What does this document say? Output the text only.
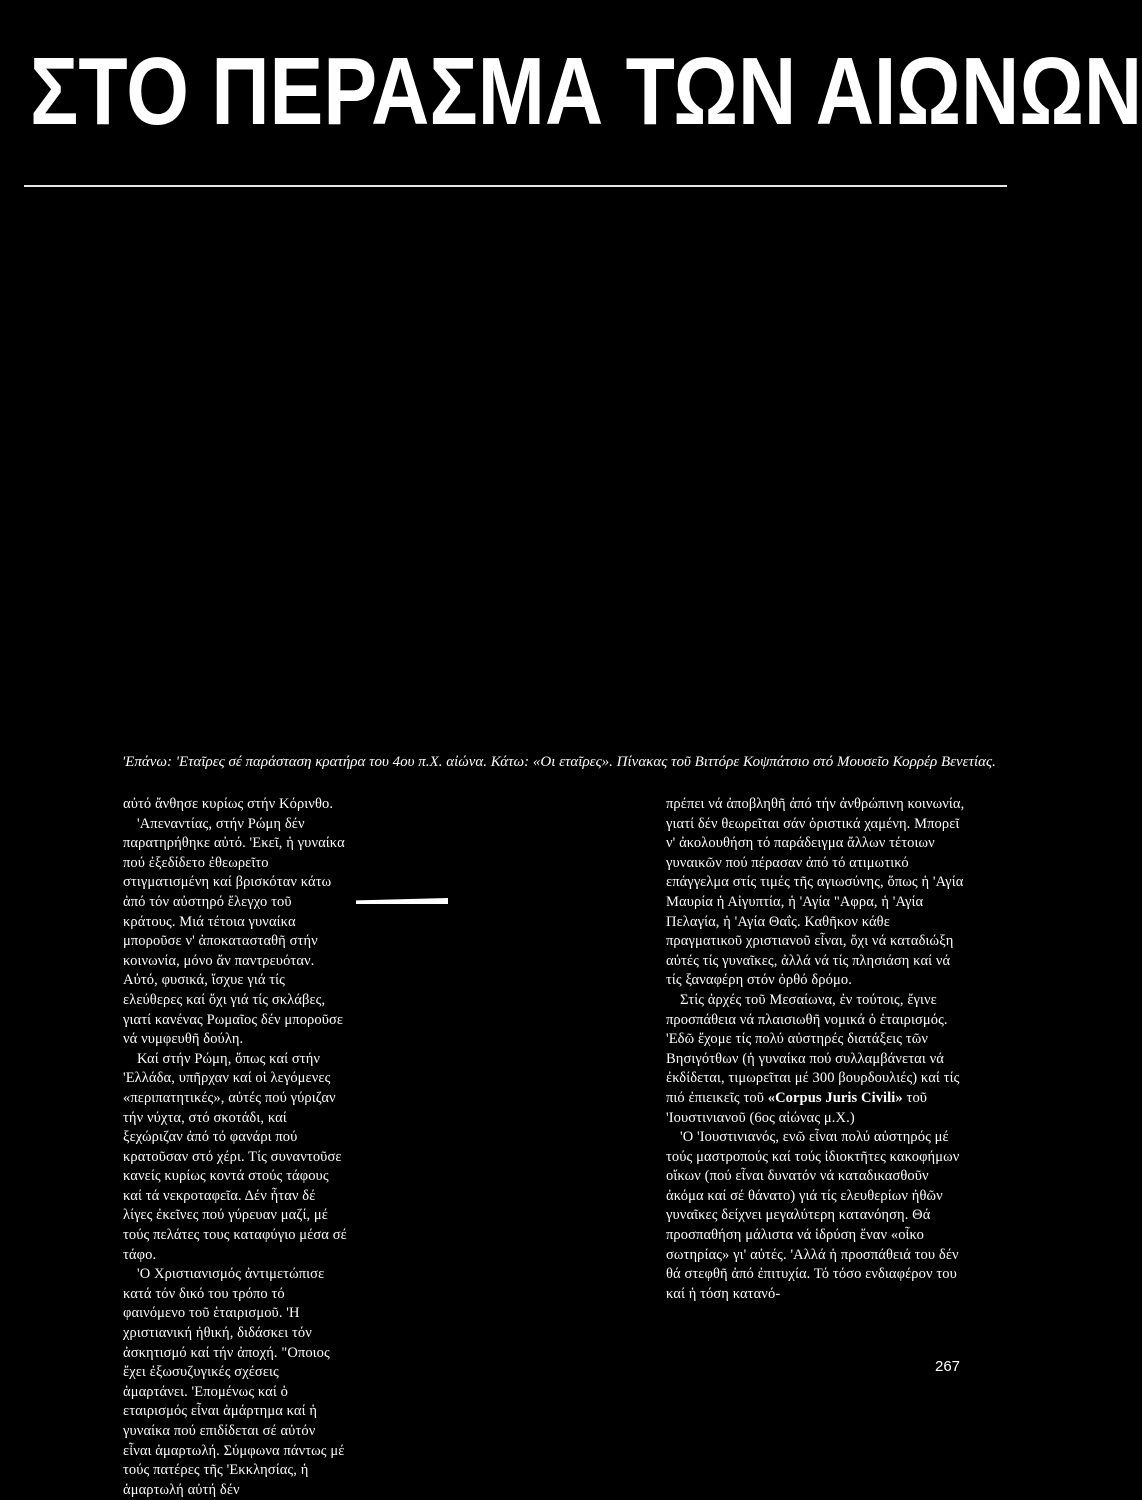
ΣΤΟ ΠΕΡΑΣΜΑ ΤΩΝ ΑΙΩΝΩΝ
'Επάνω: 'Εταῖρες σέ παράσταση κρατήρα του 4ου π.Χ. αἰώνα. Κάτω: «Οι εταῖρες». Πίνακας τοῦ Βιττόρε Κοψπάτσιο στό Μουσεῖο Κορρέρ Βενετίας.

αὐτό ἄνθησε κυρίως στήν Κόρινθο.

'Απεναντίας, στήν Ρώμη δέν παρατηρήθηκε αὐτό. 'Εκεῖ, ἡ γυναίκα πού ἐξεδίδετο ἐθεωρεῖτο στιγματισμένη καί βρισκόταν κάτω ἀπό τόν αὐστηρό ἔλεγχο τοῦ κράτους. Μιά τέτοια γυναίκα μποροῦσε ν' ἀποκατασταθῆ στήν κοινωνία, μόνο ἄν παντρευόταν. Αὐτό, φυσικά, ἴσχυε γιά τίς ελεύθερες καί ὄχι γιά τίς σκλάβες, γιατί κανένας Ρωμαῖος δέν μποροῦσε νά νυμφευθῆ δούλη.

Καί στήν Ρώμη, ὅπως καί στήν 'Ελλάδα, υπῆρχαν καί οἱ λεγόμενες «περιπατητικές», αὐτές πού γύριζαν τήν νύχτα, στό σκοτάδι, καί ξεχώριζαν ἀπό τό φανάρι πού κρατοῦσαν στό χέρι. Τίς συναντοῦσε κανείς κυρίως κοντά στούς τάφους καί τά νεκροταφεῖα. Δέν ἦταν δέ λίγες ἐκεῖνες πού γύρευαν μαζί, μέ τούς πελάτες τους καταφύγιο μέσα σέ τάφο.

'Ο Χριστιανισμός ἀντιμετώπισε κατά τόν δικό του τρόπο τό φαινόμενο τοῦ ἑταιρισμοῦ. 'Η χριστιανική ἠθική, διδάσκει τόν ἀσκητισμό καί τήν ἀποχή. "Οποιος ἔχει ἐξωσυζυγικές σχέσεις ἁμαρτάνει. 'Επομένως καί ὁ εταιρισμός εἶναι ἁμάρτημα καί ἡ γυναίκα πού επιδίδεται σέ αὐτόν εἶναι ἁμαρτωλή. Σύμφωνα πάντως μέ τούς πατέρες τῆς 'Εκκλησίας, ἡ ἁμαρτωλή αὐτή δέν

πρέπει νά ἀποβληθῆ ἀπό τήν ἀνθρώπινη κοινωνία, γιατί δέν θεωρεῖται σάν ὁριστικά χαμένη. Μπορεῖ ν' ἀκολουθήση τό παράδειγμα ἄλλων τέτοιων γυναικῶν πού πέρασαν ἀπό τό ατιμωτικό επάγγελμα στίς τιμές τῆς αγιωσύνης, ὅπως ἡ 'Αγία Μαυρία ἡ Αἰγυπτία, ἡ 'Αγία "Αφρα, ἡ 'Αγία Πελαγία, ἡ 'Αγία Θαΐς. Καθῆκον κάθε πραγματικοῦ χριστιανοῦ εἶναι, ὄχι νά καταδιώξη αὐτές τίς γυναῖκες, ἀλλά νά τίς πλησιάση καί νά τίς ξαναφέρη στόν ὀρθό δρόμο.

Στίς ἀρχές τοῦ Μεσαίωνα, ἐν τούτοις, ἔγινε προσπάθεια νά πλαισιωθῆ νομικά ὁ ἑταιρισμός. 'Εδῶ ἔχομε τίς πολύ αὐστηρές διατάξεις τῶν Βησιγότθων (ἡ γυναίκα πού συλλαμβάνεται νά ἐκδίδεται, τιμωρεῖται μέ 300 βουρδουλιές) καί τίς πιό ἐπιεικεῖς τοῦ «Corpus Juris Civili» τοῦ 'Ιουστινιανοῦ (6ος αἰώνας μ.Χ.)

'Ο 'Ιουστινιανός, ενῶ εἶναι πολύ αὐστηρός μέ τούς μαστροπούς καί τούς ἰδιοκτῆτες κακοφήμων οἴκων (πού εἶναι δυνατόν νά καταδικασθοῦν ἀκόμα καί σέ θάνατο) γιά τίς ελευθερίων ἠθῶν γυναῖκες δείχνει μεγαλύτερη κατανόηση. Θά προσπαθήση μάλιστα νά ἱδρύση ἕναν «οἶκο σωτηρίας» γι' αὐτές. 'Αλλά ἡ προσπάθειά του δέν θά στεφθῆ ἀπό ἐπιτυχία. Τό τόσο ενδιαφέρον του καί ἡ τόση κατανό-

267
